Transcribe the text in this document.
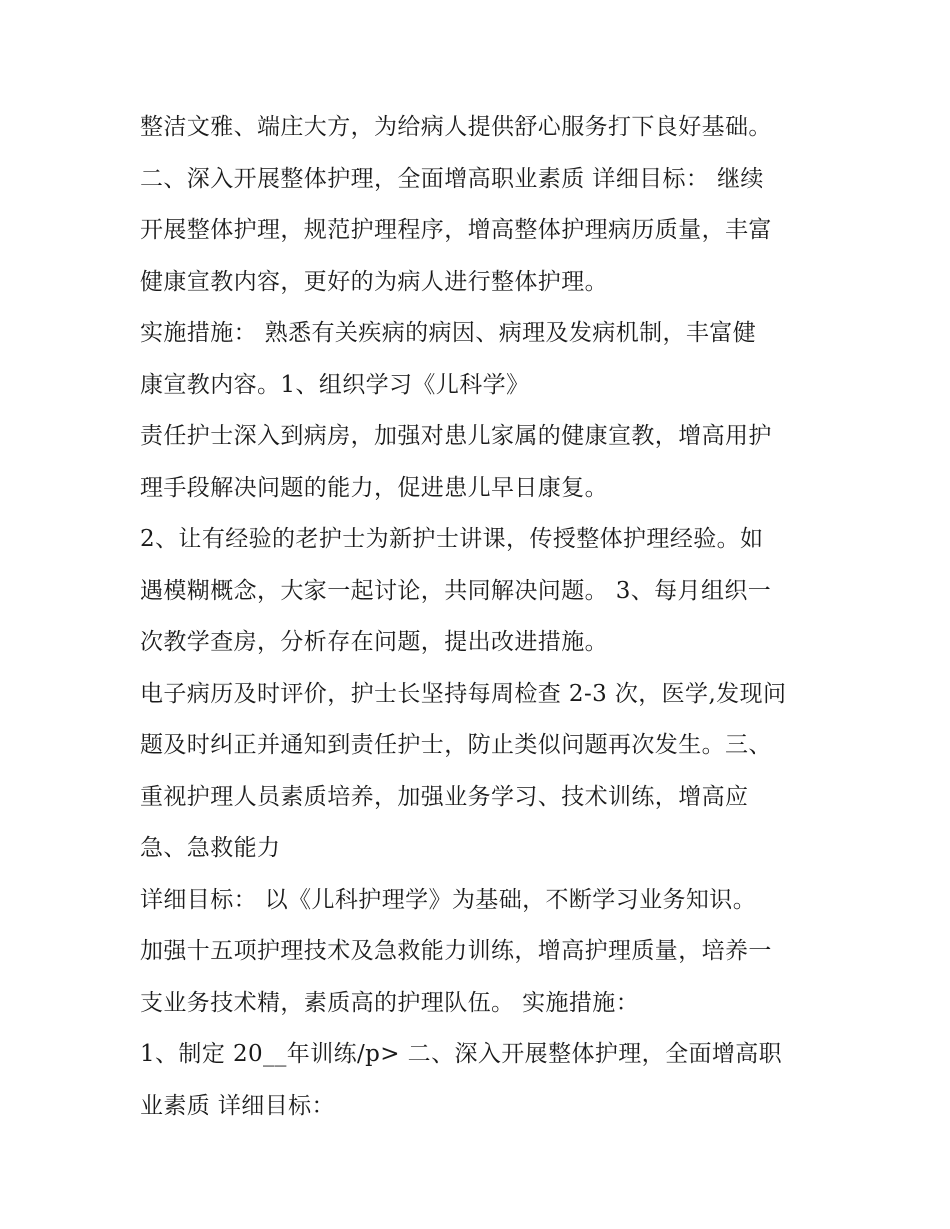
整洁文雅、端庄大方，为给病人提供舒心服务打下良好基础。
二、深入开展整体护理，全面增高职业素质 详细目标： 继续
开展整体护理，规范护理程序，增高整体护理病历质量，丰富
健康宣教内容，更好的为病人进行整体护理。
实施措施： 熟悉有关疾病的病因、病理及发病机制，丰富健
康宣教内容。1、组织学习《儿科学》
责任护士深入到病房，加强对患儿家属的健康宣教，增高用护
理手段解决问题的能力，促进患儿早日康复。
2、让有经验的老护士为新护士讲课，传授整体护理经验。如
遇模糊概念，大家一起讨论，共同解决问题。 3、每月组织一
次教学查房，分析存在问题，提出改进措施。
电子病历及时评价，护士长坚持每周检查 2-3 次，医学,发现问
题及时纠正并通知到责任护士，防止类似问题再次发生。三、
重视护理人员素质培养，加强业务学习、技术训练，增高应
急、急救能力
详细目标： 以《儿科护理学》为基础，不断学习业务知识。
加强十五项护理技术及急救能力训练，增高护理质量，培养一
支业务技术精，素质高的护理队伍。 实施措施：
1、制定 20__年训练/p> 二、深入开展整体护理，全面增高职
业素质 详细目标：
